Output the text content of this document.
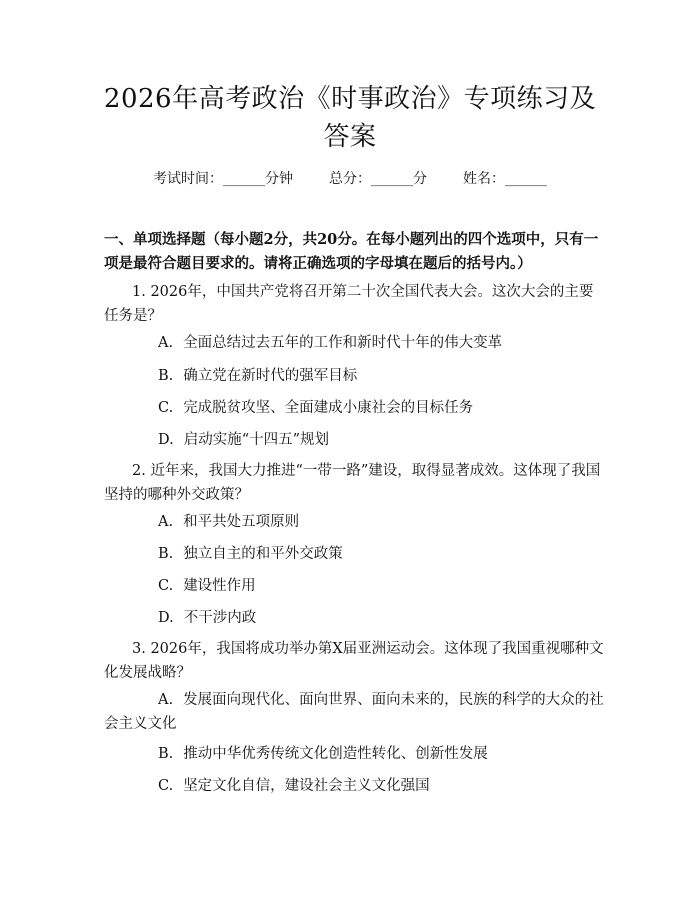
2026年高考政治《时事政治》专项练习及答案
考试时间：______分钟	总分：______分	姓名：______
一、单项选择题（每小题2分，共20分。在每小题列出的四个选项中，只有一项是最符合题目要求的。请将正确选项的字母填在题后的括号内。）
1. 2026年，中国共产党将召开第二十次全国代表大会。这次大会的主要任务是？
A. 全面总结过去五年的工作和新时代十年的伟大变革
B. 确立党在新时代的强军目标
C. 完成脱贫攻坚、全面建成小康社会的目标任务
D. 启动实施“十四五”规划
2. 近年来，我国大力推进“一带一路”建设，取得显著成效。这体现了我国坚持的哪种外交政策？
A. 和平共处五项原则
B. 独立自主的和平外交政策
C. 建设性作用
D. 不干涉内政
3. 2026年，我国将成功举办第X届亚洲运动会。这体现了我国重视哪种文化发展战略？
A. 发展面向现代化、面向世界、面向未来的，民族的科学的大众的社会主义文化
B. 推动中华优秀传统文化创造性转化、创新性发展
C. 坚定文化自信，建设社会主义文化强国
